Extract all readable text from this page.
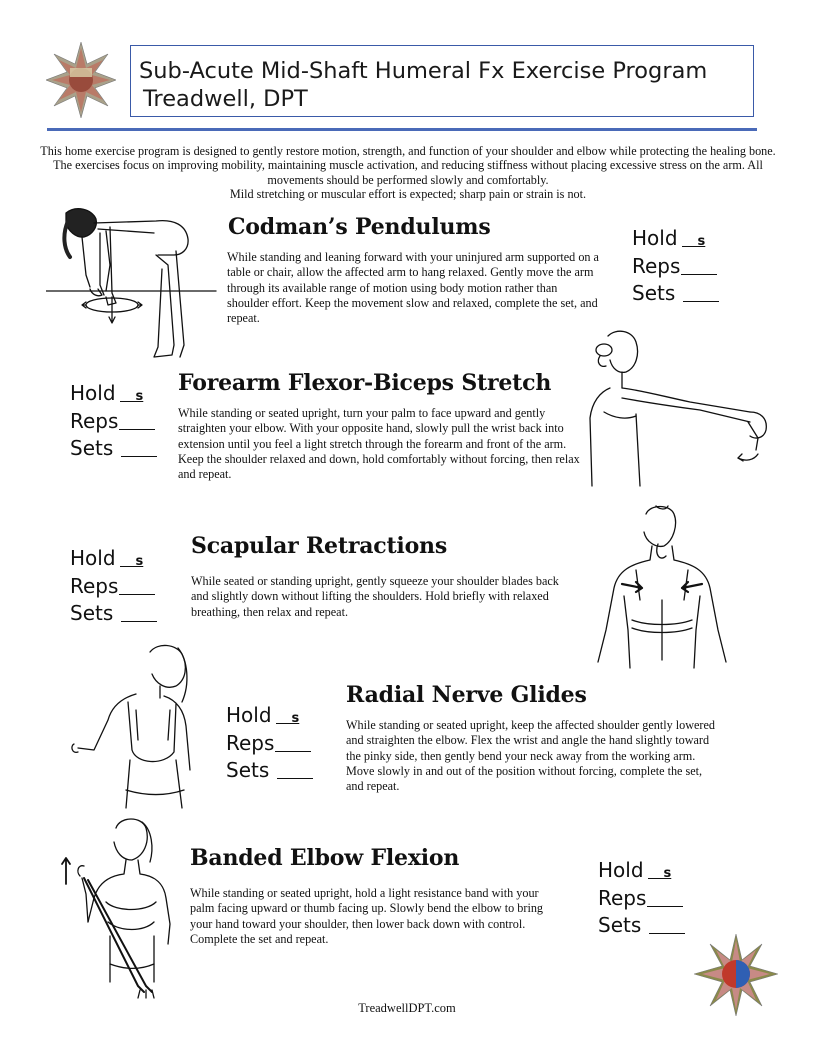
Sub-Acute Mid-Shaft Humeral Fx Exercise Program
Treadwell, DPT
This home exercise program is designed to gently restore motion, strength, and function of your shoulder and elbow while protecting the healing bone. The exercises focus on improving mobility, maintaining muscle activation, and reducing stiffness without placing excessive stress on the arm. All movements should be performed slowly and comfortably.
Mild stretching or muscular effort is expected; sharp pain or strain is not.
Codman’s Pendulums
While standing and leaning forward with your uninjured arm supported on a table or chair, allow the affected arm to hang relaxed. Gently move the arm through its available range of motion using body motion rather than shoulder effort. Keep the movement slow and relaxed, complete the set, and repeat.
Hold s
Reps
Sets
Hold s
Reps
Sets
Forearm Flexor-Biceps Stretch
While standing or seated upright, turn your palm to face upward and gently straighten your elbow. With your opposite hand, slowly pull the wrist back into extension until you feel a light stretch through the forearm and front of the arm. Keep the shoulder relaxed and down, hold comfortably without forcing, then relax and repeat.
Hold s
Reps
Sets
Scapular Retractions
While seated or standing upright, gently squeeze your shoulder blades back and slightly down without lifting the shoulders. Hold briefly with relaxed breathing, then relax and repeat.
Hold s
Reps
Sets
Radial Nerve Glides
While standing or seated upright, keep the affected shoulder gently lowered and straighten the elbow. Flex the wrist and angle the hand slightly toward the pinky side, then gently bend your neck away from the working arm. Move slowly in and out of the position without forcing, complete the set, and repeat.
Banded Elbow Flexion
While standing or seated upright, hold a light resistance band with your palm facing upward or thumb facing up. Slowly bend the elbow to bring your hand toward your shoulder, then lower back down with control. Complete the set and repeat.
Hold s
Reps
Sets
TreadwellDPT.com
